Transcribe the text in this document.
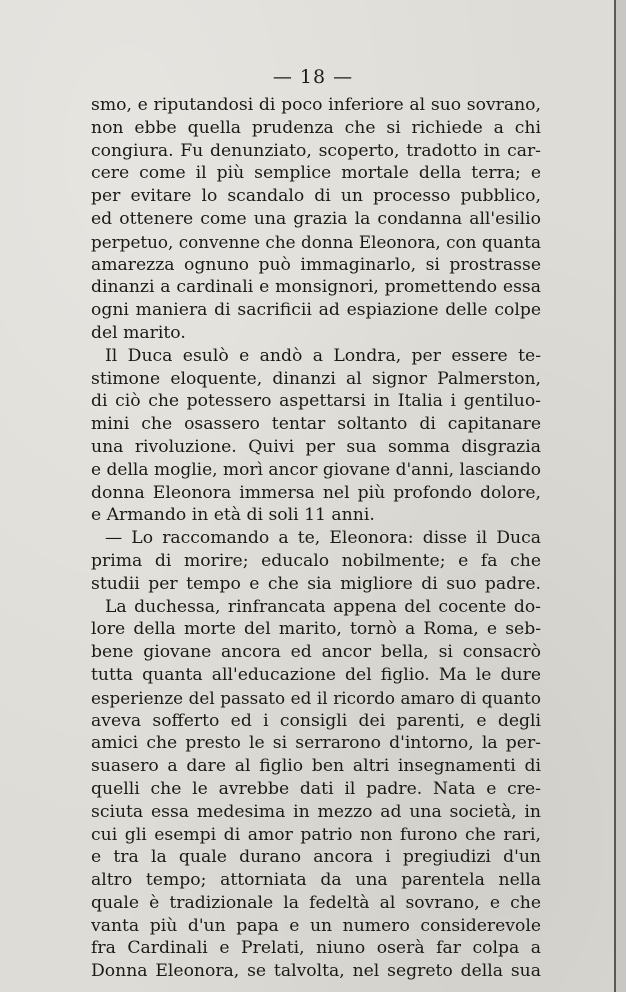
— 18 —
smo, e riputandosi di poco inferiore al suo sovrano,
non ebbe quella prudenza che si richiede a chi
congiura. Fu denunziato, scoperto, tradotto in car-
cere come il più semplice mortale della terra; e
per evitare lo scandalo di un processo pubblico,
ed ottenere come una grazia la condanna all'esilio
perpetuo, convenne che donna Eleonora, con quanta
amarezza ognuno può immaginarlo, si prostrasse
dinanzi a cardinali e monsignori, promettendo essa
ogni maniera di sacrificii ad espiazione delle colpe
del marito.
Il Duca esulò e andò a Londra, per essere te-
stimone eloquente, dinanzi al signor Palmerston,
di ciò che potessero aspettarsi in Italia i gentiluo-
mini che osassero tentar soltanto di capitanare
una rivoluzione. Quivi per sua somma disgrazia
e della moglie, morì ancor giovane d'anni, lasciando
donna Eleonora immersa nel più profondo dolore,
e Armando in età di soli 11 anni.
— Lo raccomando a te, Eleonora: disse il Duca
prima di morire; educalo nobilmente; e fa che
studii per tempo e che sia migliore di suo padre.
La duchessa, rinfrancata appena del cocente do-
lore della morte del marito, tornò a Roma, e seb-
bene giovane ancora ed ancor bella, si consacrò
tutta quanta all'educazione del figlio. Ma le dure
esperienze del passato ed il ricordo amaro di quanto
aveva sofferto ed i consigli dei parenti, e degli
amici che presto le si serrarono d'intorno, la per-
suasero a dare al figlio ben altri insegnamenti di
quelli che le avrebbe dati il padre. Nata e cre-
sciuta essa medesima in mezzo ad una società, in
cui gli esempi di amor patrio non furono che rari,
e tra la quale durano ancora i pregiudizi d'un
altro tempo; attorniata da una parentela nella
quale è tradizionale la fedeltà al sovrano, e che
vanta più d'un papa e un numero considerevole
fra Cardinali e Prelati, niuno oserà far colpa a
Donna Eleonora, se talvolta, nel segreto della sua
